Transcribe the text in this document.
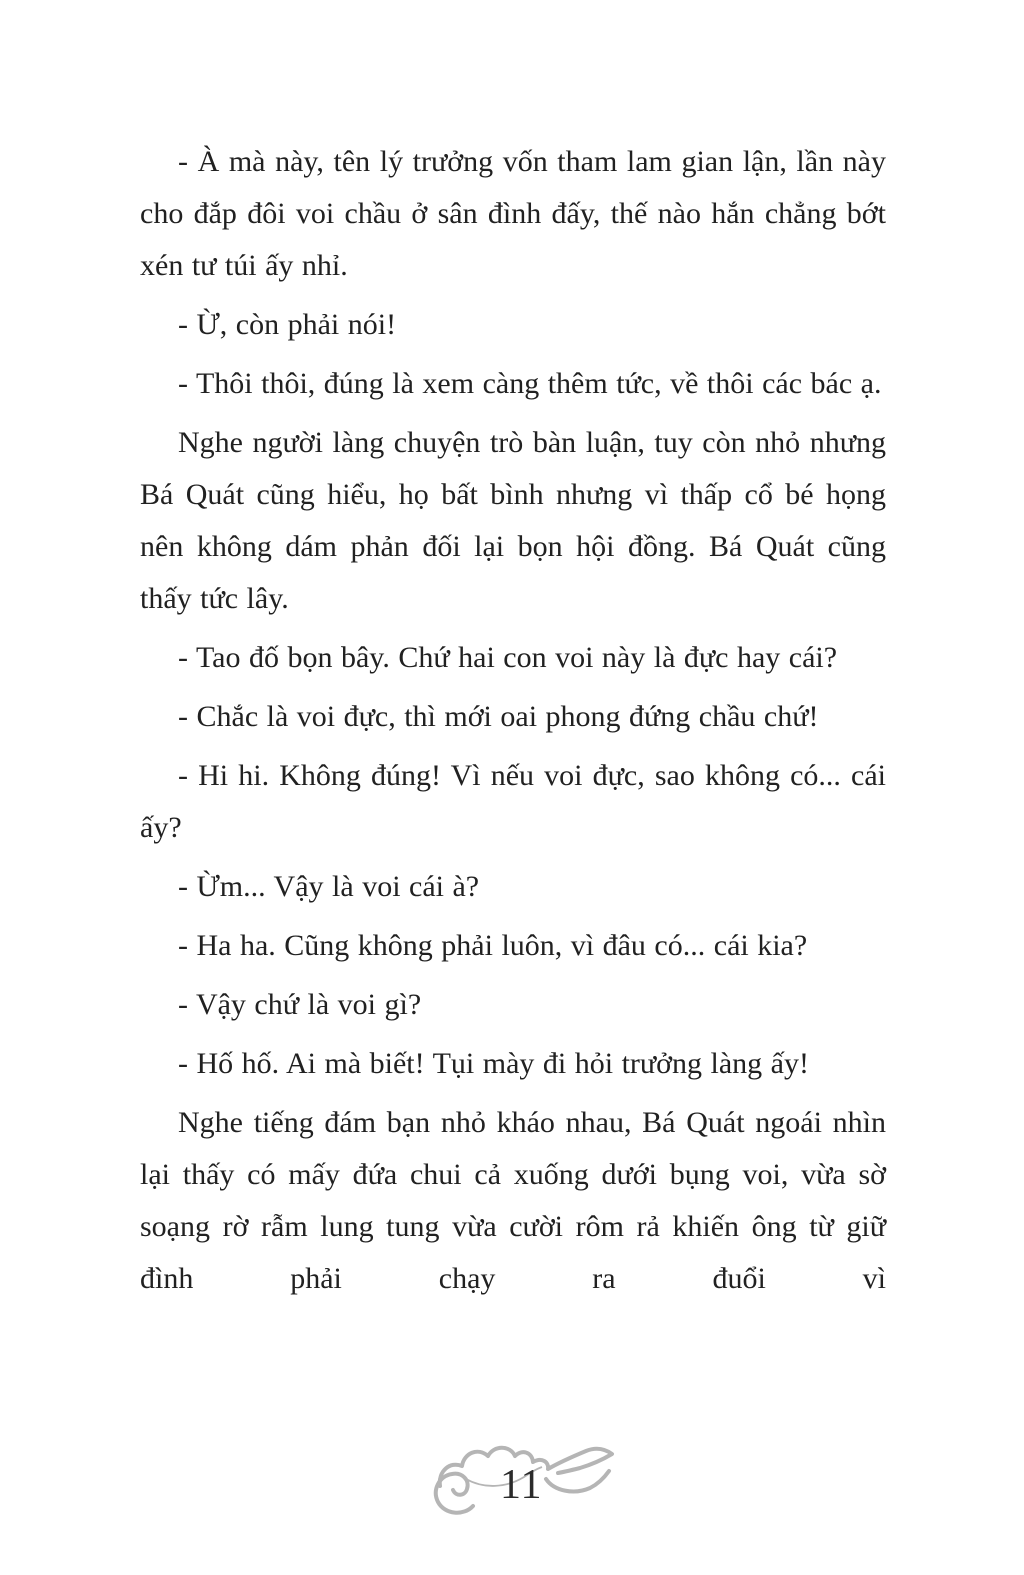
- À mà này, tên lý trưởng vốn tham lam gian lận, lần này cho đắp đôi voi chầu ở sân đình đấy, thế nào hắn chẳng bớt xén tư túi ấy nhỉ.

- Ừ, còn phải nói!

- Thôi thôi, đúng là xem càng thêm tức, về thôi các bác ạ.

Nghe người làng chuyện trò bàn luận, tuy còn nhỏ nhưng Bá Quát cũng hiểu, họ bất bình nhưng vì thấp cổ bé họng nên không dám phản đối lại bọn hội đồng. Bá Quát cũng thấy tức lây.

- Tao đố bọn bây. Chứ hai con voi này là đực hay cái?

- Chắc là voi đực, thì mới oai phong đứng chầu chứ!

- Hi hi. Không đúng! Vì nếu voi đực, sao không có... cái ấy?

- Ừm... Vậy là voi cái à?

- Ha ha. Cũng không phải luôn, vì đâu có... cái kia?

- Vậy chứ là voi gì?

- Hố hố. Ai mà biết! Tụi mày đi hỏi trưởng làng ấy!

Nghe tiếng đám bạn nhỏ kháo nhau, Bá Quát ngoái nhìn lại thấy có mấy đứa chui cả xuống dưới bụng voi, vừa sờ soạng rờ rẫm lung tung vừa cười rôm rả khiến ông từ giữ đình phải chạy ra đuổi vì

11
